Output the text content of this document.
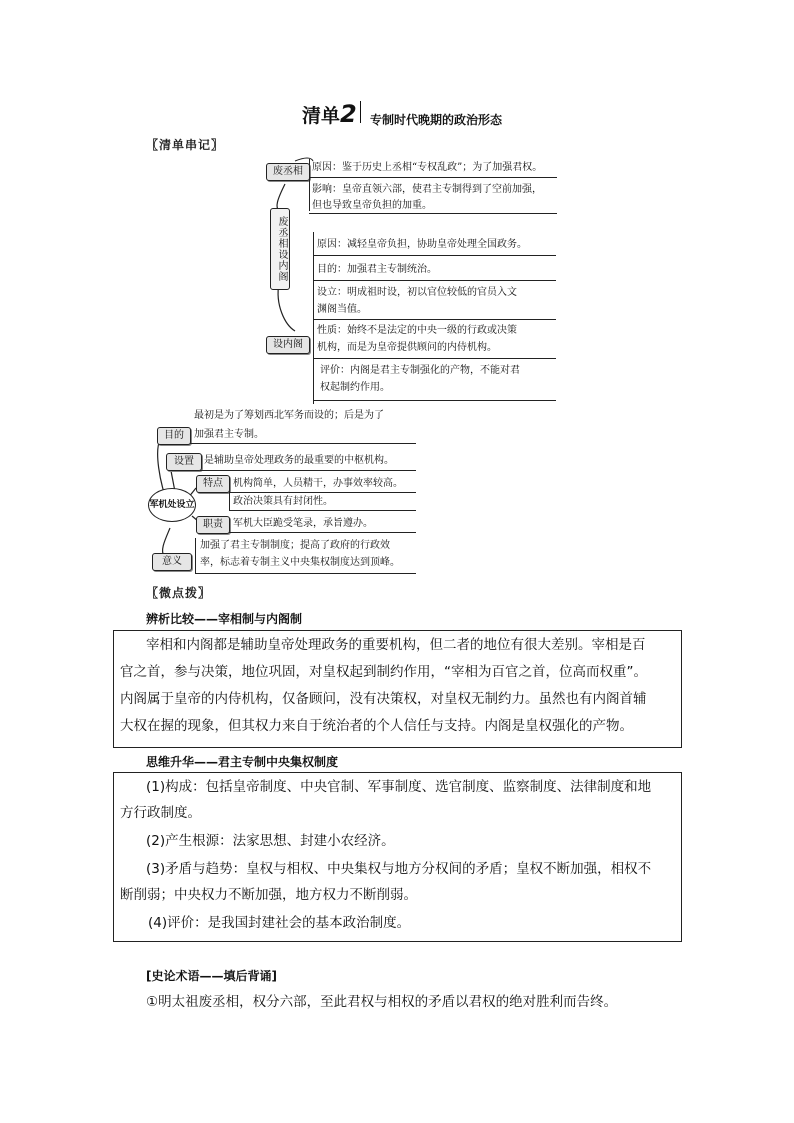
清单2 专制时代晚期的政治形态
〖 清单串记 〗
废丞相
废丞相设内阁
设内阁
原因：鉴于历史上丞相“专权乱政”；为了加强君权。
影响：皇帝直领六部，使君主专制得到了空前加强，
但也导致皇帝负担的加重。
原因：减轻皇帝负担，协助皇帝处理全国政务。
目的：加强君主专制统治。
设立：明成祖时设，初以官位较低的官员入文
渊阁当值。
性质：始终不是法定的中央一级的行政或决策
机构，而是为皇帝提供顾问的内侍机构。
评价：内阁是君主专制强化的产物，不能对君
权起制约作用。
最初是为了筹划西北军务而设的；后是为了
目的	加强君主专制。
设置	是辅助皇帝处理政务的最重要的中枢机构。
军机处设立
特点	机构简单，人员精干，办事效率较高。
政治决策具有封闭性。
职责	军机大臣跪受笔录，承旨遵办。
加强了君主专制制度；提高了政府的行政效
意义	率，标志着专制主义中央集权制度达到顶峰。
〖 微点拨 〗
辨析比较——宰相制与内阁制
宰相和内阁都是辅助皇帝处理政务的重要机构，但二者的地位有很大差别。宰相是百
官之首，参与决策，地位巩固，对皇权起到制约作用，“宰相为百官之首，位高而权重”。
内阁属于皇帝的内侍机构，仅备顾问，没有决策权，对皇权无制约力。虽然也有内阁首辅
大权在握的现象，但其权力来自于统治者的个人信任与支持。内阁是皇权强化的产物。
思维升华——君主专制中央集权制度
(1)构成：包括皇帝制度、中央官制、军事制度、选官制度、监察制度、法律制度和地
方行政制度。
(2)产生根源：法家思想、封建小农经济。
(3)矛盾与趋势：皇权与相权、中央集权与地方分权间的矛盾；皇权不断加强，相权不
断削弱；中央权力不断加强，地方权力不断削弱。
(4)评价：是我国封建社会的基本政治制度。
[史论术语——填后背诵]
①明太祖废丞相，权分六部，至此君权与相权的矛盾以君权的绝对胜利而告终。
